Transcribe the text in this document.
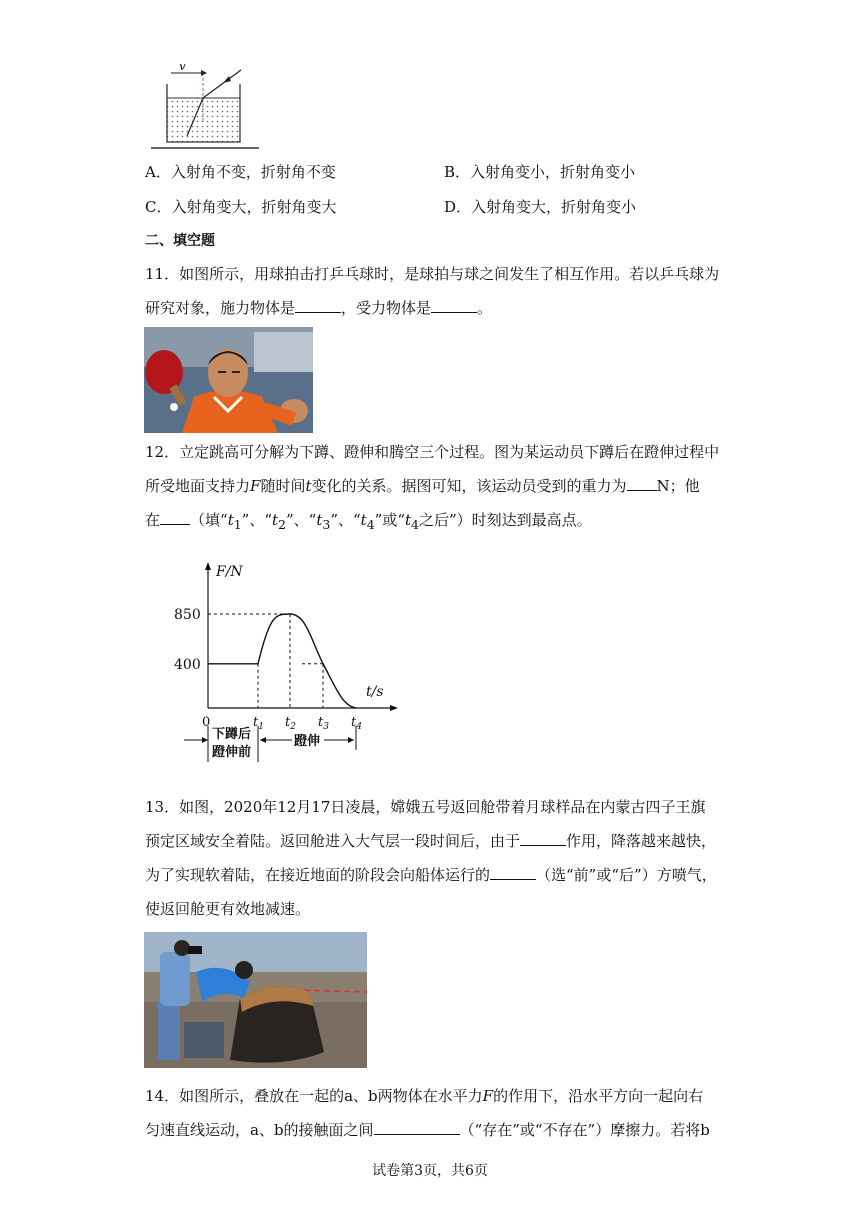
v
A．入射角不变，折射角不变	B．入射角变小，折射角变小
C．入射角变大，折射角变大	D．入射角变大，折射角变小
二、填空题
11．如图所示，用球拍击打乒乓球时，是球拍与球之间发生了相互作用。若以乒乓球为
研究对象，施力物体是	，受力物体是	。
12．立定跳高可分解为下蹲、蹬伸和腾空三个过程。图为某运动员下蹲后在蹬伸过程中
所受地面支持力F随时间t变化的关系。据图可知，该运动员受到的重力为 N；他
在 （填“$t_1$”、“$t_2$”、“$t_3$”、“$t_4$”或“$t_4$之后”）时刻达到最高点。
850
400
0	$t_1$ $t_2$ $t_3$ $t_4$
F/N
t/s
下蹲后
蹬伸前
蹬伸
13．如图，2020年12月17日凌晨，嫦娥五号返回舱带着月球样品在内蒙古四子王旗
预定区域安全着陆。返回舱进入大气层一段时间后，由于	作用，降落越来越快，
为了实现软着陆，在接近地面的阶段会向船体运行的	（选“前”或“后”）方喷气，
使返回舱更有效地减速。
14．如图所示，叠放在一起的a、b两物体在水平力F的作用下，沿水平方向一起向右
匀速直线运动，a、b的接触面之间	（“存在”或“不存在”）摩擦力。若将b
试卷第3页，共6页
